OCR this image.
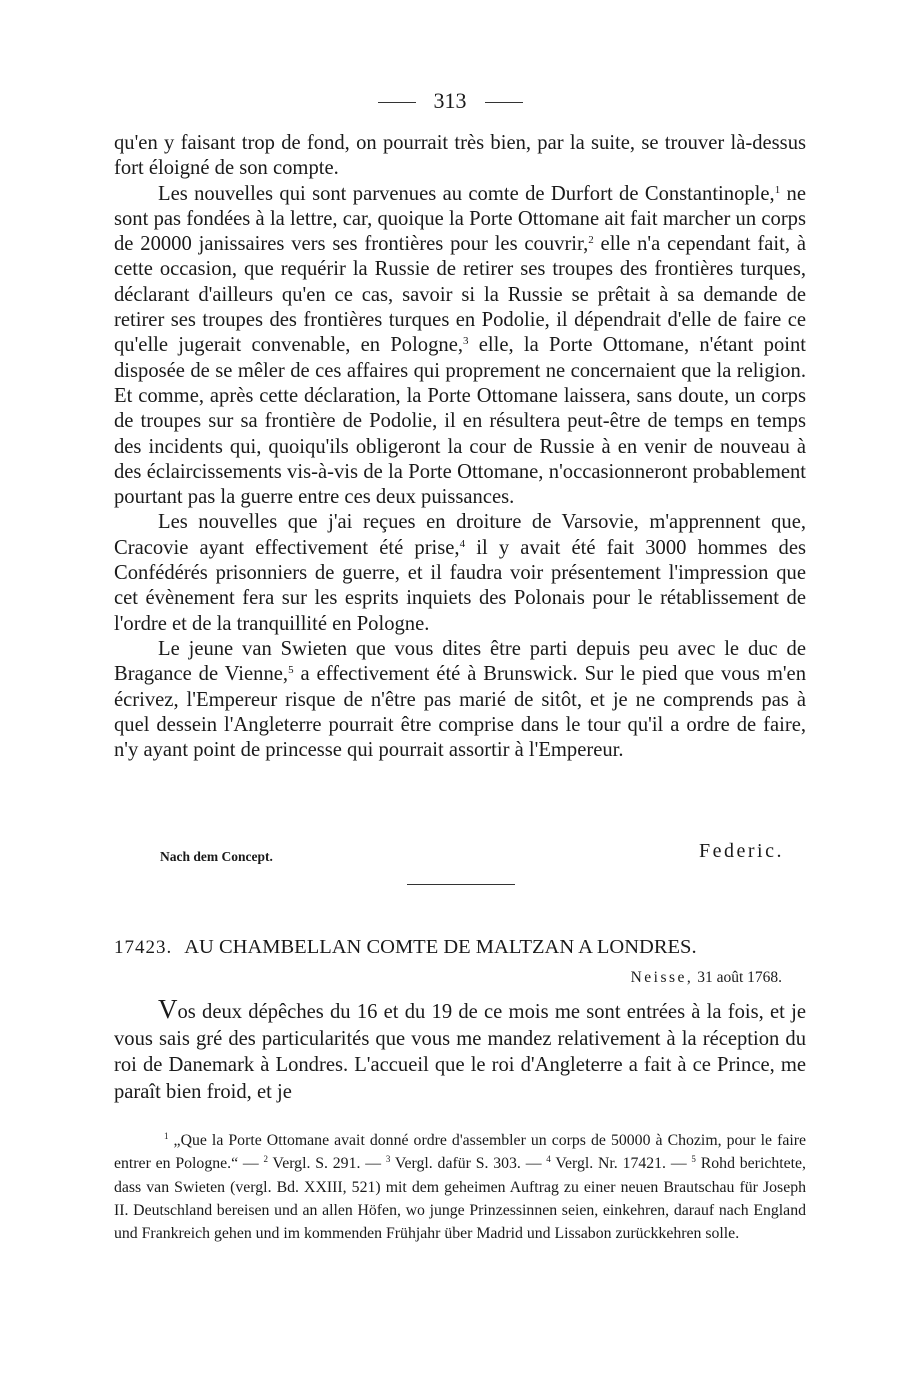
313

qu'en y faisant trop de fond, on pourrait très bien, par la suite, se trouver là-dessus fort éloigné de son compte.

Les nouvelles qui sont parvenues au comte de Durfort de Constantinople,$^1$ ne sont pas fondées à la lettre, car, quoique la Porte Ottomane ait fait marcher un corps de 20000 janissaires vers ses frontières pour les couvrir,$^2$ elle n'a cependant fait, à cette occasion, que requérir la Russie de retirer ses troupes des frontières turques, déclarant d'ailleurs qu'en ce cas, savoir si la Russie se prêtait à sa demande de retirer ses troupes des frontières turques en Podolie, il dépendrait d'elle de faire ce qu'elle jugerait convenable, en Pologne,$^3$ elle, la Porte Ottomane, n'étant point disposée de se mêler de ces affaires qui proprement ne concernaient que la religion. Et comme, après cette déclaration, la Porte Ottomane laissera, sans doute, un corps de troupes sur sa frontière de Podolie, il en résultera peut-être de temps en temps des incidents qui, quoiqu'ils obligeront la cour de Russie à en venir de nouveau à des éclaircissements vis-à-vis de la Porte Ottomane, n'occasionneront probablement pourtant pas la guerre entre ces deux puissances.

Les nouvelles que j'ai reçues en droiture de Varsovie, m'apprennent que, Cracovie ayant effectivement été prise,$^4$ il y avait été fait 3000 hommes des Confédérés prisonniers de guerre, et il faudra voir présentement l'impression que cet évènement fera sur les esprits inquiets des Polonais pour le rétablissement de l'ordre et de la tranquillité en Pologne.

Le jeune van Swieten que vous dites être parti depuis peu avec le duc de Bragance de Vienne,$^5$ a effectivement été à Brunswick. Sur le pied que vous m'en écrivez, l'Empereur risque de n'être pas marié de sitôt, et je ne comprends pas à quel dessein l'Angleterre pourrait être comprise dans le tour qu'il a ordre de faire, n'y ayant point de princesse qui pourrait assortir à l'Empereur.

Nach dem Concept.	Federic.
17423. AU CHAMBELLAN COMTE DE MALTZAN A LONDRES.
Neisse, 31 août 1768.

Vos deux dépêches du 16 et du 19 de ce mois me sont entrées à la fois, et je vous sais gré des particularités que vous me mandez relativement à la réception du roi de Danemark à Londres. L'accueil que le roi d'Angleterre a fait à ce Prince, me paraît bien froid, et je

$^1$ „Que la Porte Ottomane avait donné ordre d'assembler un corps de 50000 à Chozim, pour le faire entrer en Pologne.“ — $^2$ Vergl. S. 291. — $^3$ Vergl. dafür S. 303. — $^4$ Vergl. Nr. 17421. — $^5$ Rohd berichtete, dass van Swieten (vergl. Bd. XXIII, 521) mit dem geheimen Auftrag zu einer neuen Brautschau für Joseph II. Deutschland bereisen und an allen Höfen, wo junge Prinzessinnen seien, einkehren, darauf nach England und Frankreich gehen und im kommenden Frühjahr über Madrid und Lissabon zurückkehren solle.
